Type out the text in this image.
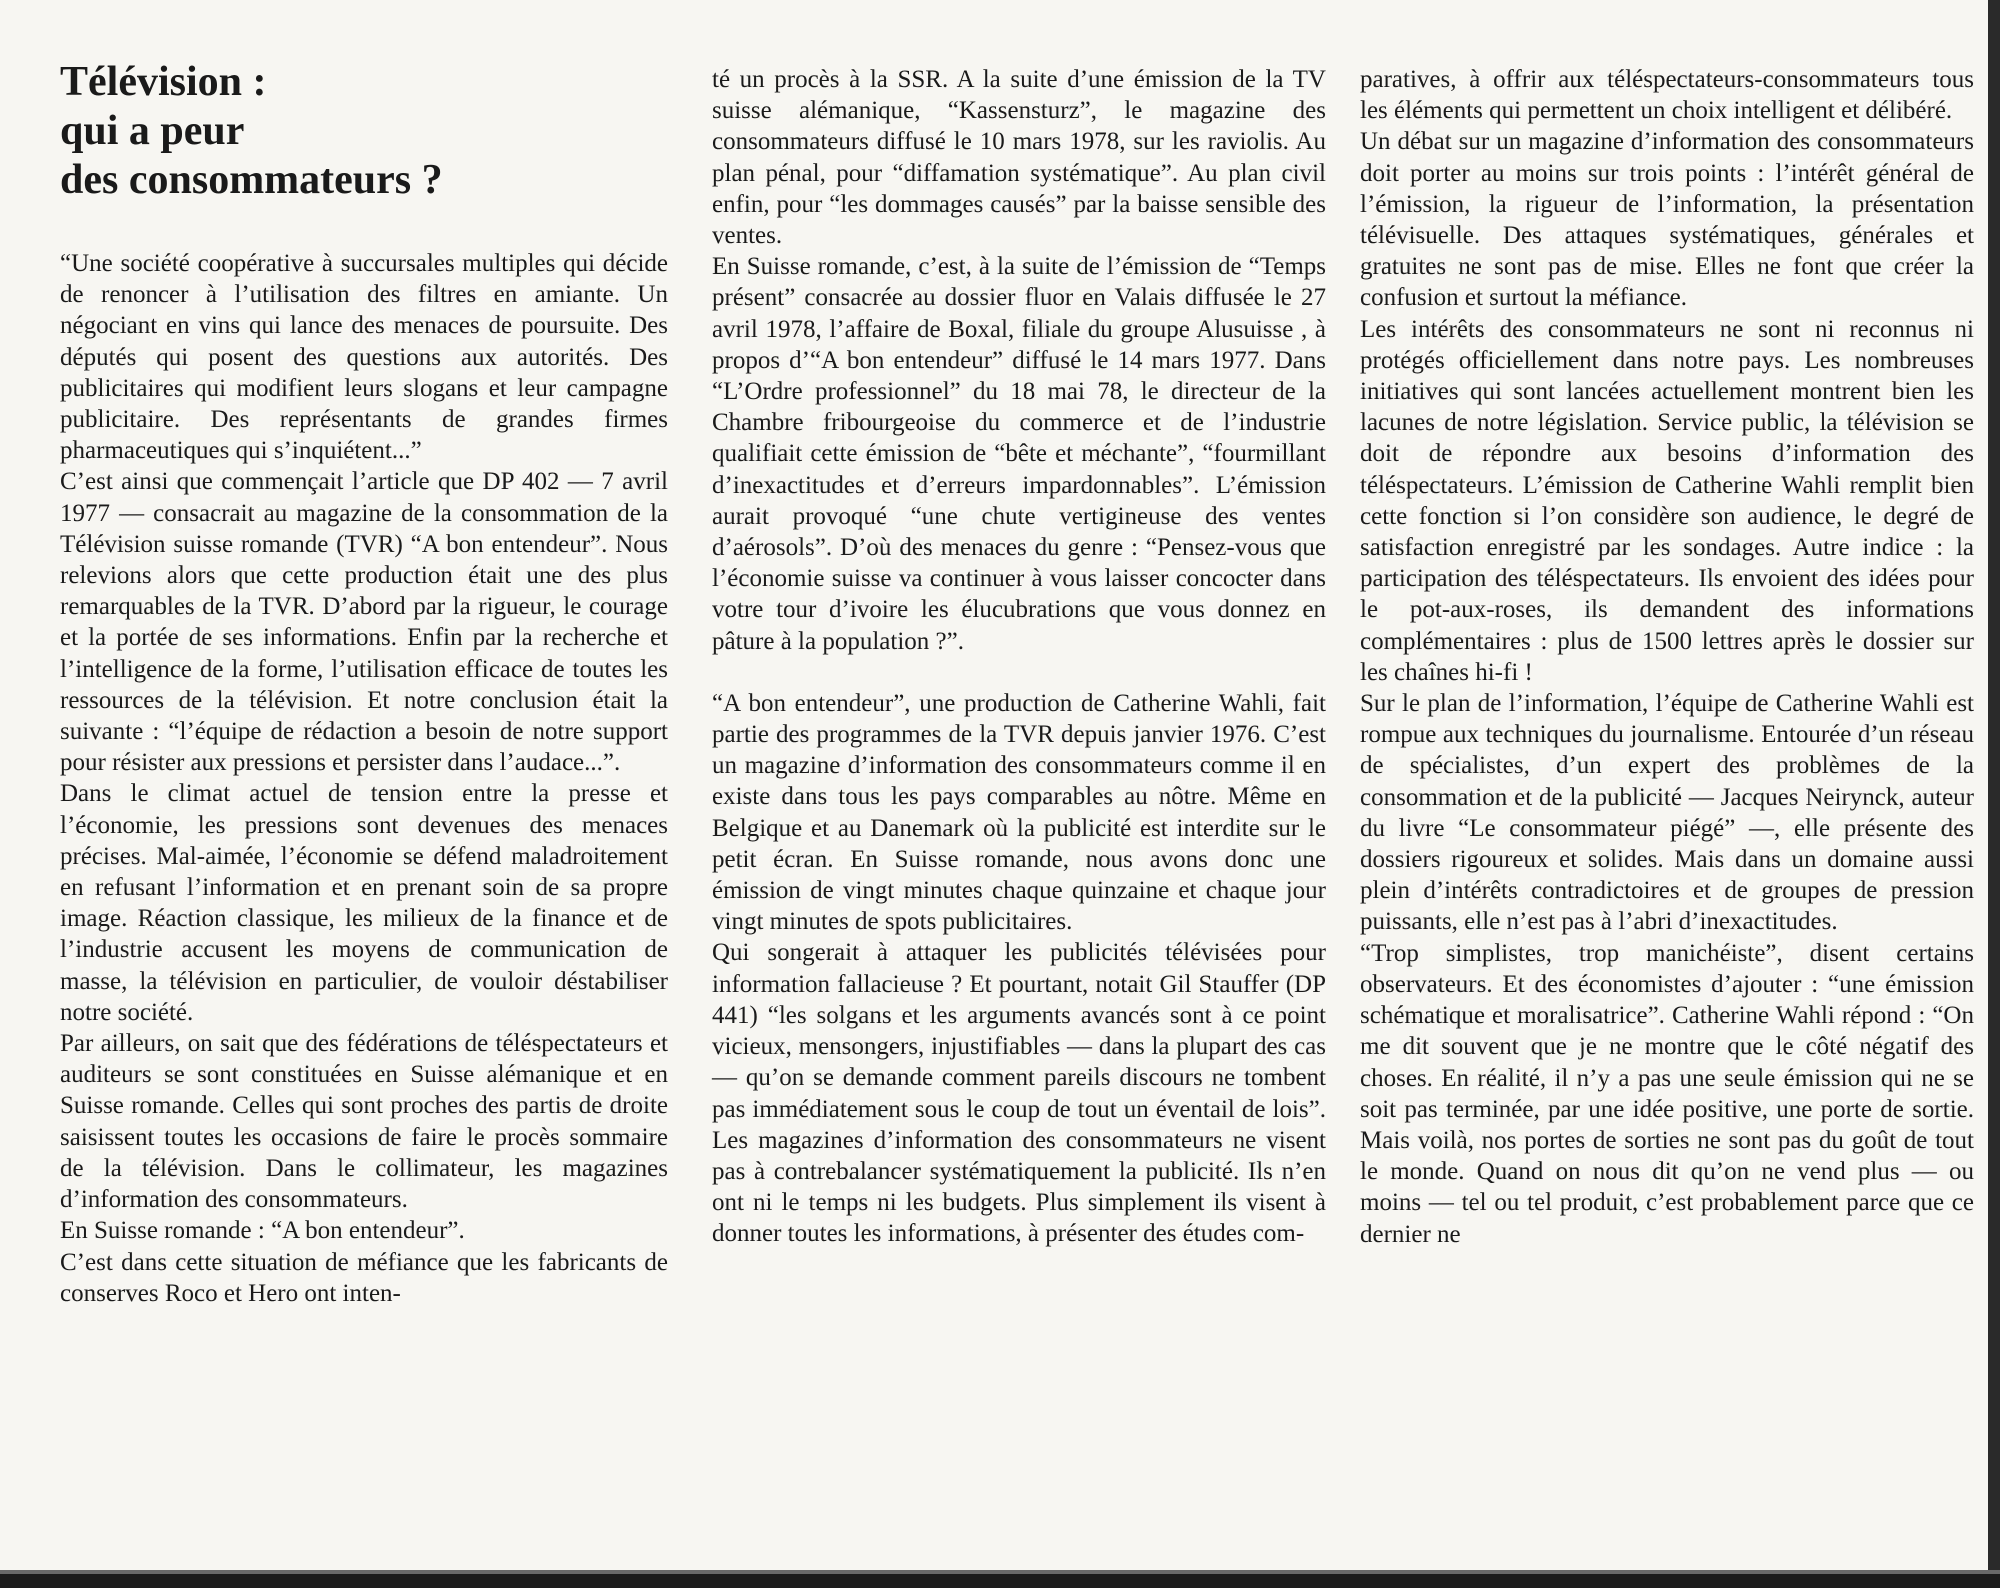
Télévision :
qui a peur
des consommateurs ?

“Une société coopérative à succursales multiples qui décide de renoncer à l’utilisation des filtres en amiante. Un négociant en vins qui lance des menaces de poursuite. Des députés qui posent des questions aux autorités. Des publicitaires qui modifient leurs slogans et leur campagne publicitaire. Des représentants de grandes firmes pharmaceutiques qui s’inquiétent...”

C’est ainsi que commençait l’article que DP 402 — 7 avril 1977 — consacrait au magazine de la consommation de la Télévision suisse romande (TVR) “A bon entendeur”. Nous relevions alors que cette production était une des plus remarquables de la TVR. D’abord par la rigueur, le courage et la portée de ses informations. Enfin par la recherche et l’intelligence de la forme, l’utilisation efficace de toutes les ressources de la télévision. Et notre conclusion était la suivante : “l’équipe de rédaction a besoin de notre support pour résister aux pressions et persister dans l’audace...”.

Dans le climat actuel de tension entre la presse et l’économie, les pressions sont devenues des menaces précises. Mal-aimée, l’économie se défend maladroitement en refusant l’information et en prenant soin de sa propre image. Réaction classique, les milieux de la finance et de l’industrie accusent les moyens de communication de masse, la télévision en particulier, de vouloir déstabiliser notre société.

Par ailleurs, on sait que des fédérations de téléspectateurs et auditeurs se sont constituées en Suisse alémanique et en Suisse romande. Celles qui sont proches des partis de droite saisissent toutes les occasions de faire le procès sommaire de la télévision. Dans le collimateur, les magazines d’information des consommateurs.

En Suisse romande : “A bon entendeur”.

C’est dans cette situation de méfiance que les fabricants de conserves Roco et Hero ont inten-

té un procès à la SSR. A la suite d’une émission de la TV suisse alémanique, “Kassensturz”, le magazine des consommateurs diffusé le 10 mars 1978, sur les raviolis. Au plan pénal, pour “diffamation systématique”. Au plan civil enfin, pour “les dommages causés” par la baisse sensible des ventes.

En Suisse romande, c’est, à la suite de l’émission de “Temps présent” consacrée au dossier fluor en Valais diffusée le 27 avril 1978, l’affaire de Boxal, filiale du groupe Alusuisse , à propos d’“A bon entendeur” diffusé le 14 mars 1977. Dans “L’Ordre professionnel” du 18 mai 78, le directeur de la Chambre fribourgeoise du commerce et de l’industrie qualifiait cette émission de “bête et méchante”, “fourmillant d’inexactitudes et d’erreurs impardonnables”. L’émission aurait provoqué “une chute vertigineuse des ventes d’aérosols”. D’où des menaces du genre : “Pensez-vous que l’économie suisse va continuer à vous laisser concocter dans votre tour d’ivoire les élucubrations que vous donnez en pâture à la population ?”.

“A bon entendeur”, une production de Catherine Wahli, fait partie des programmes de la TVR depuis janvier 1976. C’est un magazine d’information des consommateurs comme il en existe dans tous les pays comparables au nôtre. Même en Belgique et au Danemark où la publicité est interdite sur le petit écran. En Suisse romande, nous avons donc une émission de vingt minutes chaque quinzaine et chaque jour vingt minutes de spots publicitaires.

Qui songerait à attaquer les publicités télévisées pour information fallacieuse ? Et pourtant, notait Gil Stauffer (DP 441) “les solgans et les arguments avancés sont à ce point vicieux, mensongers, injustifiables — dans la plupart des cas — qu’on se demande comment pareils discours ne tombent pas immédiatement sous le coup de tout un éventail de lois”. Les magazines d’information des consommateurs ne visent pas à contrebalancer systématiquement la publicité. Ils n’en ont ni le temps ni les budgets. Plus simplement ils visent à donner toutes les informations, à présenter des études com-

paratives, à offrir aux téléspectateurs-consommateurs tous les éléments qui permettent un choix intelligent et délibéré.

Un débat sur un magazine d’information des consommateurs doit porter au moins sur trois points : l’intérêt général de l’émission, la rigueur de l’information, la présentation télévisuelle. Des attaques systématiques, générales et gratuites ne sont pas de mise. Elles ne font que créer la confusion et surtout la méfiance.

Les intérêts des consommateurs ne sont ni reconnus ni protégés officiellement dans notre pays. Les nombreuses initiatives qui sont lancées actuellement montrent bien les lacunes de notre législation. Service public, la télévision se doit de répondre aux besoins d’information des téléspectateurs. L’émission de Catherine Wahli remplit bien cette fonction si l’on considère son audience, le degré de satisfaction enregistré par les sondages. Autre indice : la participation des téléspectateurs. Ils envoient des idées pour le pot-aux-roses, ils demandent des informations complémentaires : plus de 1500 lettres après le dossier sur les chaînes hi-fi !

Sur le plan de l’information, l’équipe de Catherine Wahli est rompue aux techniques du journalisme. Entourée d’un réseau de spécialistes, d’un expert des problèmes de la consommation et de la publicité — Jacques Neirynck, auteur du livre “Le consommateur piégé” —, elle présente des dossiers rigoureux et solides. Mais dans un domaine aussi plein d’intérêts contradictoires et de groupes de pression puissants, elle n’est pas à l’abri d’inexactitudes.

“Trop simplistes, trop manichéiste”, disent certains observateurs. Et des économistes d’ajouter : “une émission schématique et moralisatrice”. Catherine Wahli répond : “On me dit souvent que je ne montre que le côté négatif des choses. En réalité, il n’y a pas une seule émission qui ne se soit pas terminée, par une idée positive, une porte de sortie. Mais voilà, nos portes de sorties ne sont pas du goût de tout le monde. Quand on nous dit qu’on ne vend plus — ou moins — tel ou tel produit, c’est probablement parce que ce dernier ne
